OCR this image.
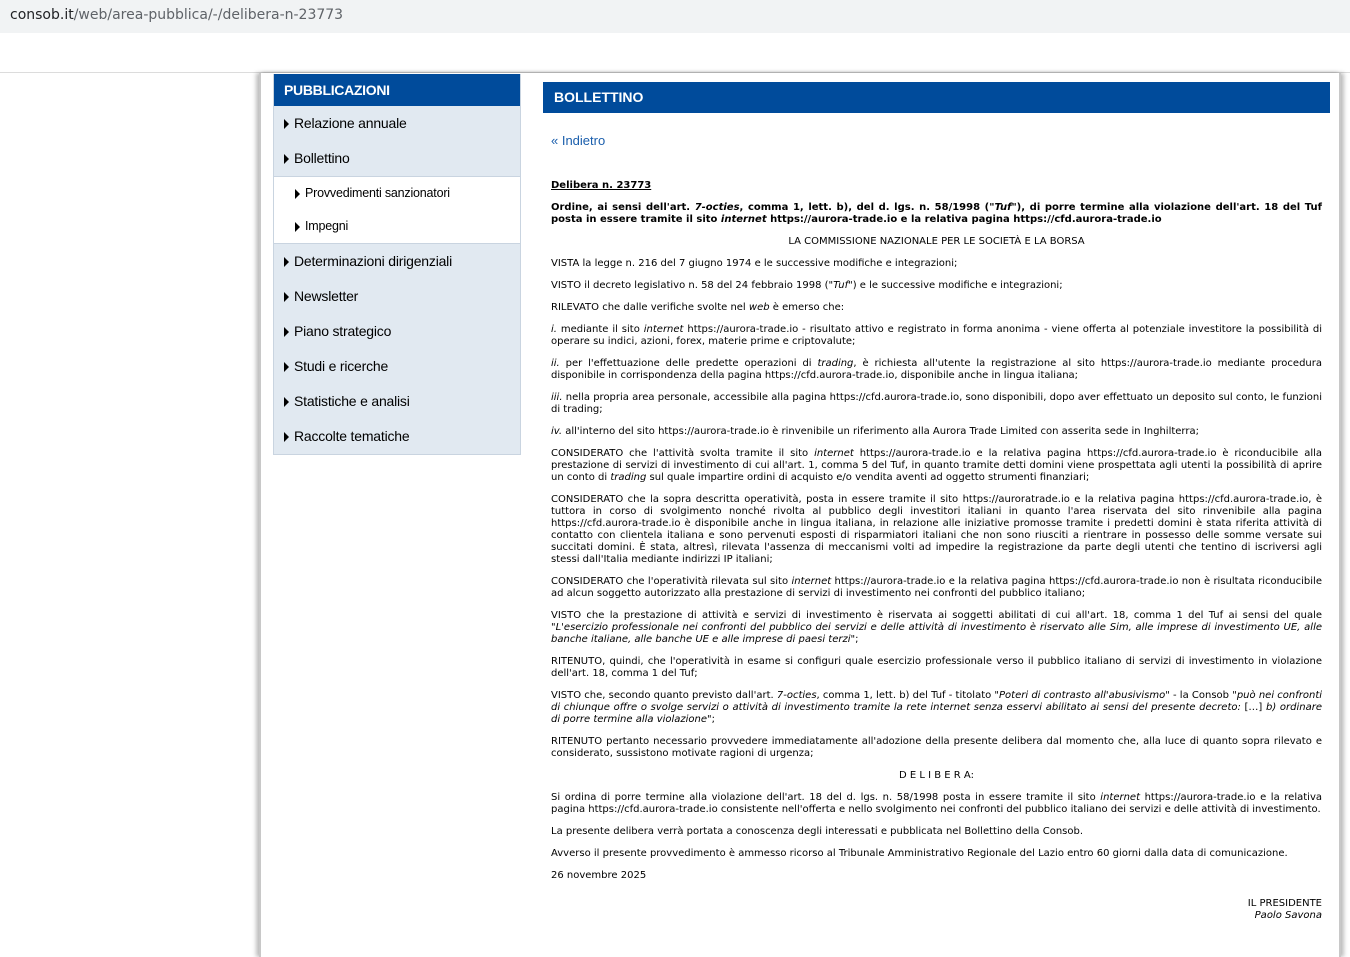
consob.it/web/area-pubblica/-/delibera-n-23773
PUBBLICAZIONI
Relazione annuale
Bollettino
Provvedimenti sanzionatori
Impegni
Determinazioni dirigenziali
Newsletter
Piano strategico
Studi e ricerche
Statistiche e analisi
Raccolte tematiche
BOLLETTINO
« Indietro

Delibera n. 23773

Ordine, ai sensi dell'art. 7-octies, comma 1, lett. b), del d. lgs. n. 58/1998 ("Tuf"), di porre termine alla violazione dell'art. 18 del Tuf posta in essere tramite il sito internet https://aurora-trade.io e la relativa pagina https://cfd.aurora-trade.io

LA COMMISSIONE NAZIONALE PER LE SOCIETÀ E LA BORSA

VISTA la legge n. 216 del 7 giugno 1974 e le successive modifiche e integrazioni;

VISTO il decreto legislativo n. 58 del 24 febbraio 1998 ("Tuf") e le successive modifiche e integrazioni;

RILEVATO che dalle verifiche svolte nel web è emerso che:

i. mediante il sito internet https://aurora-trade.io - risultato attivo e registrato in forma anonima - viene offerta al potenziale investitore la possibilità di operare su indici, azioni, forex, materie prime e criptovalute;

ii. per l'effettuazione delle predette operazioni di trading, è richiesta all'utente la registrazione al sito https://aurora-trade.io mediante procedura disponibile in corrispondenza della pagina https://cfd.aurora-trade.io, disponibile anche in lingua italiana;

iii. nella propria area personale, accessibile alla pagina https://cfd.aurora-trade.io, sono disponibili, dopo aver effettuato un deposito sul conto, le funzioni di trading;

iv. all'interno del sito https://aurora-trade.io è rinvenibile un riferimento alla Aurora Trade Limited con asserita sede in Inghilterra;

CONSIDERATO che l'attività svolta tramite il sito internet https://aurora-trade.io e la relativa pagina https://cfd.aurora-trade.io è riconducibile alla prestazione di servizi di investimento di cui all'art. 1, comma 5 del Tuf, in quanto tramite detti domini viene prospettata agli utenti la possibilità di aprire un conto di trading sul quale impartire ordini di acquisto e/o vendita aventi ad oggetto strumenti finanziari;

CONSIDERATO che la sopra descritta operatività, posta in essere tramite il sito https://auroratrade.io e la relativa pagina https://cfd.aurora-trade.io, è tuttora in corso di svolgimento nonché rivolta al pubblico degli investitori italiani in quanto l'area riservata del sito rinvenibile alla pagina https://cfd.aurora-trade.io è disponibile anche in lingua italiana, in relazione alle iniziative promosse tramite i predetti domini è stata riferita attività di contatto con clientela italiana e sono pervenuti esposti di risparmiatori italiani che non sono riusciti a rientrare in possesso delle somme versate sui succitati domini. È stata, altresì, rilevata l'assenza di meccanismi volti ad impedire la registrazione da parte degli utenti che tentino di iscriversi agli stessi dall'Italia mediante indirizzi IP italiani;

CONSIDERATO che l'operatività rilevata sul sito internet https://aurora-trade.io e la relativa pagina https://cfd.aurora-trade.io non è risultata riconducibile ad alcun soggetto autorizzato alla prestazione di servizi di investimento nei confronti del pubblico italiano;

VISTO che la prestazione di attività e servizi di investimento è riservata ai soggetti abilitati di cui all'art. 18, comma 1 del Tuf ai sensi del quale "L'esercizio professionale nei confronti del pubblico dei servizi e delle attività di investimento è riservato alle Sim, alle imprese di investimento UE, alle banche italiane, alle banche UE e alle imprese di paesi terzi";

RITENUTO, quindi, che l'operatività in esame si configuri quale esercizio professionale verso il pubblico italiano di servizi di investimento in violazione dell'art. 18, comma 1 del Tuf;

VISTO che, secondo quanto previsto dall'art. 7-octies, comma 1, lett. b) del Tuf - titolato "Poteri di contrasto all'abusivismo" - la Consob "può nei confronti di chiunque offre o svolge servizi o attività di investimento tramite la rete internet senza esservi abilitato ai sensi del presente decreto: […] b) ordinare di porre termine alla violazione";

RITENUTO pertanto necessario provvedere immediatamente all'adozione della presente delibera dal momento che, alla luce di quanto sopra rilevato e considerato, sussistono motivate ragioni di urgenza;

D E L I B E R A:

Si ordina di porre termine alla violazione dell'art. 18 del d. lgs. n. 58/1998 posta in essere tramite il sito internet https://aurora-trade.io e la relativa pagina https://cfd.aurora-trade.io consistente nell'offerta e nello svolgimento nei confronti del pubblico italiano dei servizi e delle attività di investimento.

La presente delibera verrà portata a conoscenza degli interessati e pubblicata nel Bollettino della Consob.

Avverso il presente provvedimento è ammesso ricorso al Tribunale Amministrativo Regionale del Lazio entro 60 giorni dalla data di comunicazione.

26 novembre 2025

IL PRESIDENTE

Paolo Savona
